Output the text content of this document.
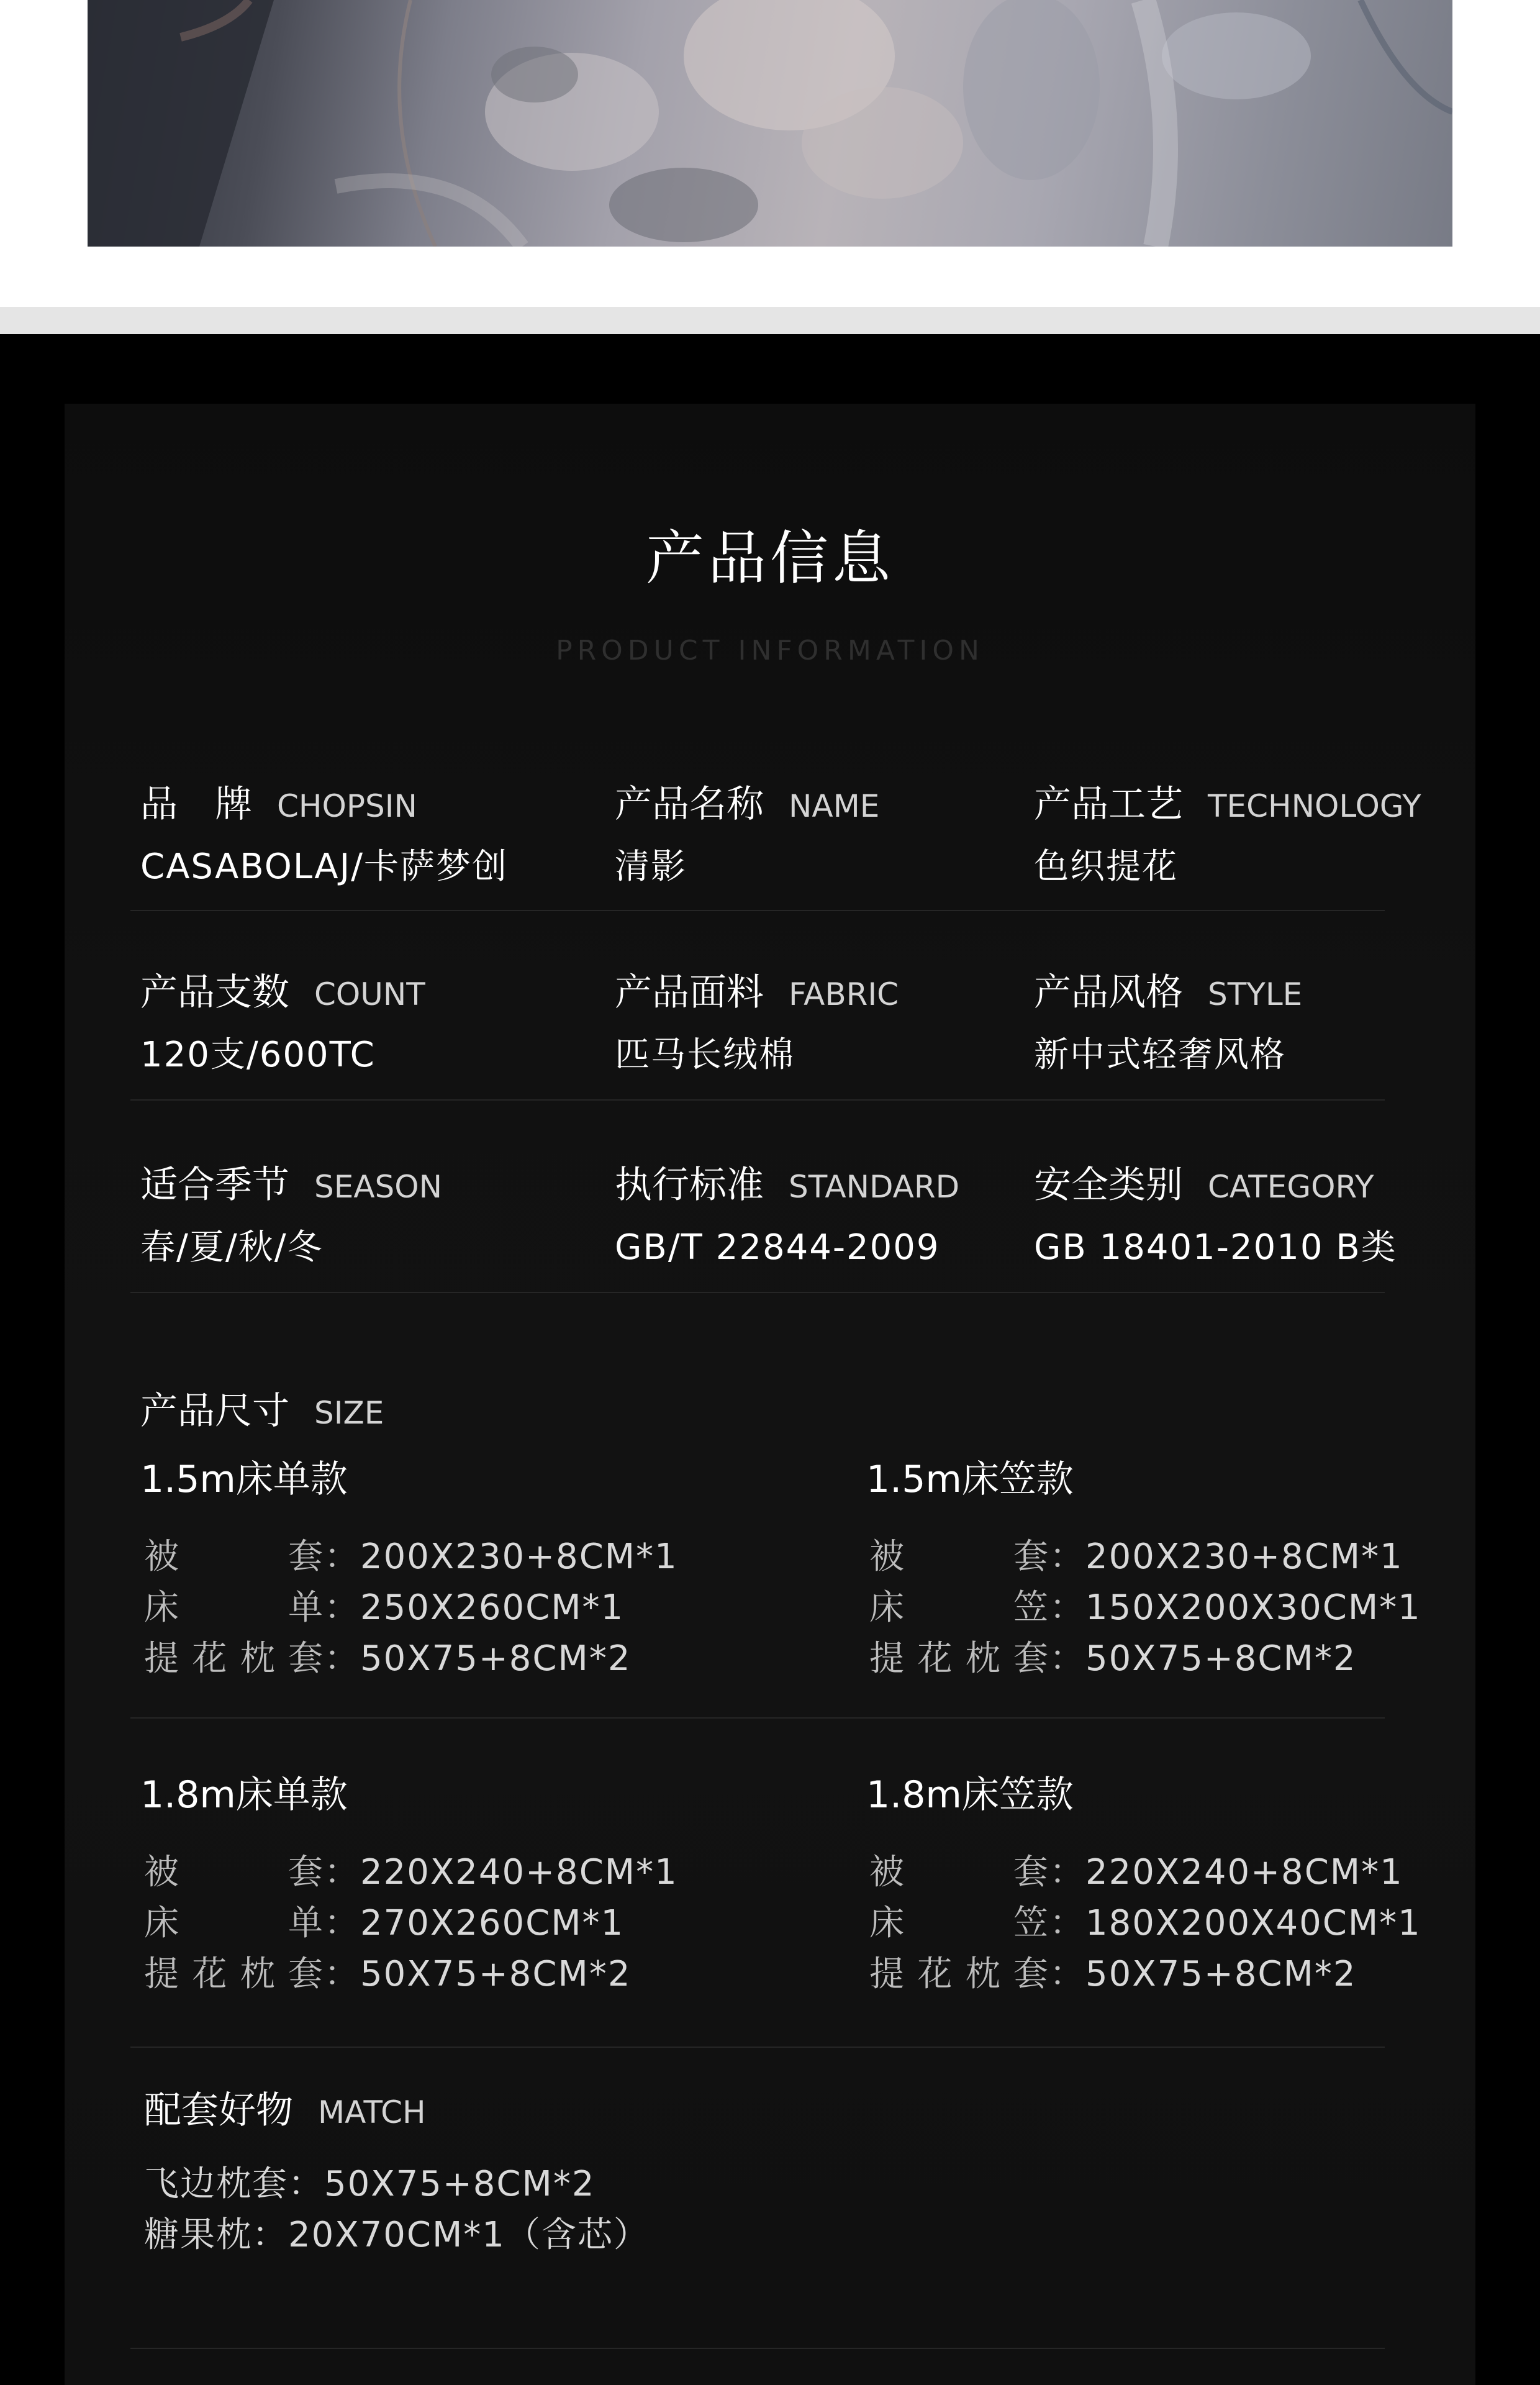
产品信息
PRODUCT INFORMATION
品　牌 CHOPSIN
CASABOLAJ/卡萨梦创
产品名称 NAME
清影
产品工艺 TECHNOLOGY
色织提花
产品支数 COUNT
120支/600TC
产品面料 FABRIC
匹马长绒棉
产品风格 STYLE
新中式轻奢风格
适合季节 SEASON
春/夏/秋/冬
执行标准 STANDARD
GB/T 22844-2009
安全类别 CATEGORY
GB 18401-2010 B类
产品尺寸 SIZE
1.5m床单款
被套：200X230+8CM*1
床单：250X260CM*1
提花枕套：50X75+8CM*2
1.5m床笠款
被套：200X230+8CM*1
床笠：150X200X30CM*1
提花枕套：50X75+8CM*2
1.8m床单款
被套：220X240+8CM*1
床单：270X260CM*1
提花枕套：50X75+8CM*2
1.8m床笠款
被套：220X240+8CM*1
床笠：180X200X40CM*1
提花枕套：50X75+8CM*2
配套好物 MATCH
飞边枕套：50X75+8CM*2
糖果枕：20X70CM*1（含芯）
